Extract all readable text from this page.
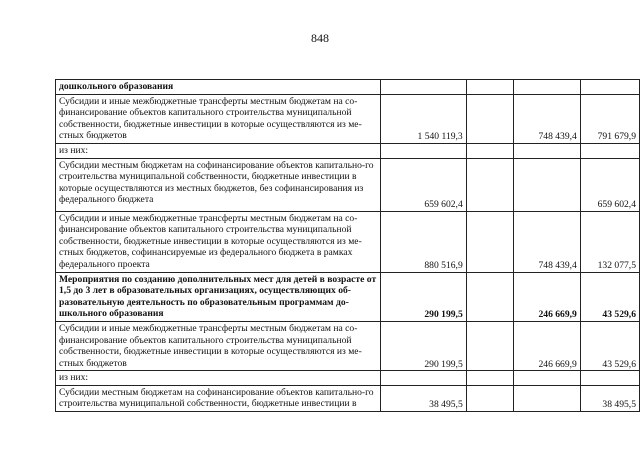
848
дошкольного образования				
Субсидии и иные межбюджетные трансферты местным бюджетам на со-финансирование объектов капитального строительства муниципальной собственности, бюджетные инвестиции в которые осуществляются из ме-стных бюджетов	1 540 119,3		748 439,4	791 679,9
из них:				
Субсидии местным бюджетам на софинансирование объектов капитально-го строительства муниципальной собственности, бюджетные инвестиции в которые осуществляются из местных бюджетов, без софинансирования из федерального бюджета	659 602,4			659 602,4
Субсидии и иные межбюджетные трансферты местным бюджетам на со-финансирование объектов капитального строительства муниципальной собственности, бюджетные инвестиции в которые осуществляются из ме-стных бюджетов, софинансируемые из федерального бюджета в рамках федерального проекта	880 516,9		748 439,4	132 077,5
Мероприятия по созданию дополнительных мест для детей в возрасте от 1,5 до 3 лет в образовательных организациях, осуществляющих об-разовательную деятельность по образовательным программам до-школьного образования	290 199,5		246 669,9	43 529,6
Субсидии и иные межбюджетные трансферты местным бюджетам на со-финансирование объектов капитального строительства муниципальной собственности, бюджетные инвестиции в которые осуществляются из ме-стных бюджетов	290 199,5		246 669,9	43 529,6
из них:				
Субсидии местным бюджетам на софинансирование объектов капитально-го строительства муниципальной собственности, бюджетные инвестиции в	38 495,5			38 495,5
